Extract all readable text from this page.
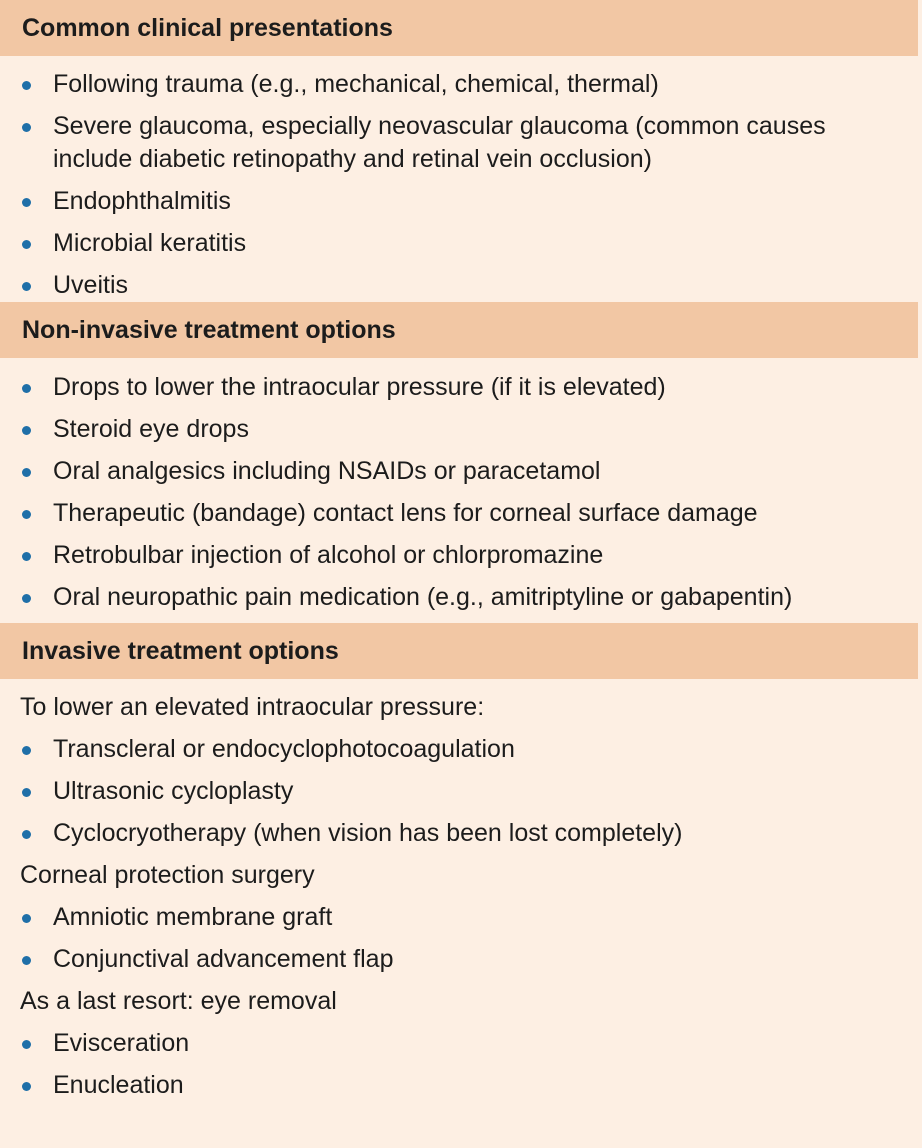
Common clinical presentations
Following trauma (e.g., mechanical, chemical, thermal)
Severe glaucoma, especially neovascular glaucoma (common causes include diabetic retinopathy and retinal vein occlusion)
Endophthalmitis
Microbial keratitis
Uveitis
Non-invasive treatment options
Drops to lower the intraocular pressure (if it is elevated)
Steroid eye drops
Oral analgesics including NSAIDs or paracetamol
Therapeutic (bandage) contact lens for corneal surface damage
Retrobulbar injection of alcohol or chlorpromazine
Oral neuropathic pain medication (e.g., amitriptyline or gabapentin)
Invasive treatment options
To lower an elevated intraocular pressure:
Transcleral or endocyclophotocoagulation
Ultrasonic cycloplasty
Cyclocryotherapy (when vision has been lost completely)
Corneal protection surgery
Amniotic membrane graft
Conjunctival advancement flap
As a last resort: eye removal
Evisceration
Enucleation
